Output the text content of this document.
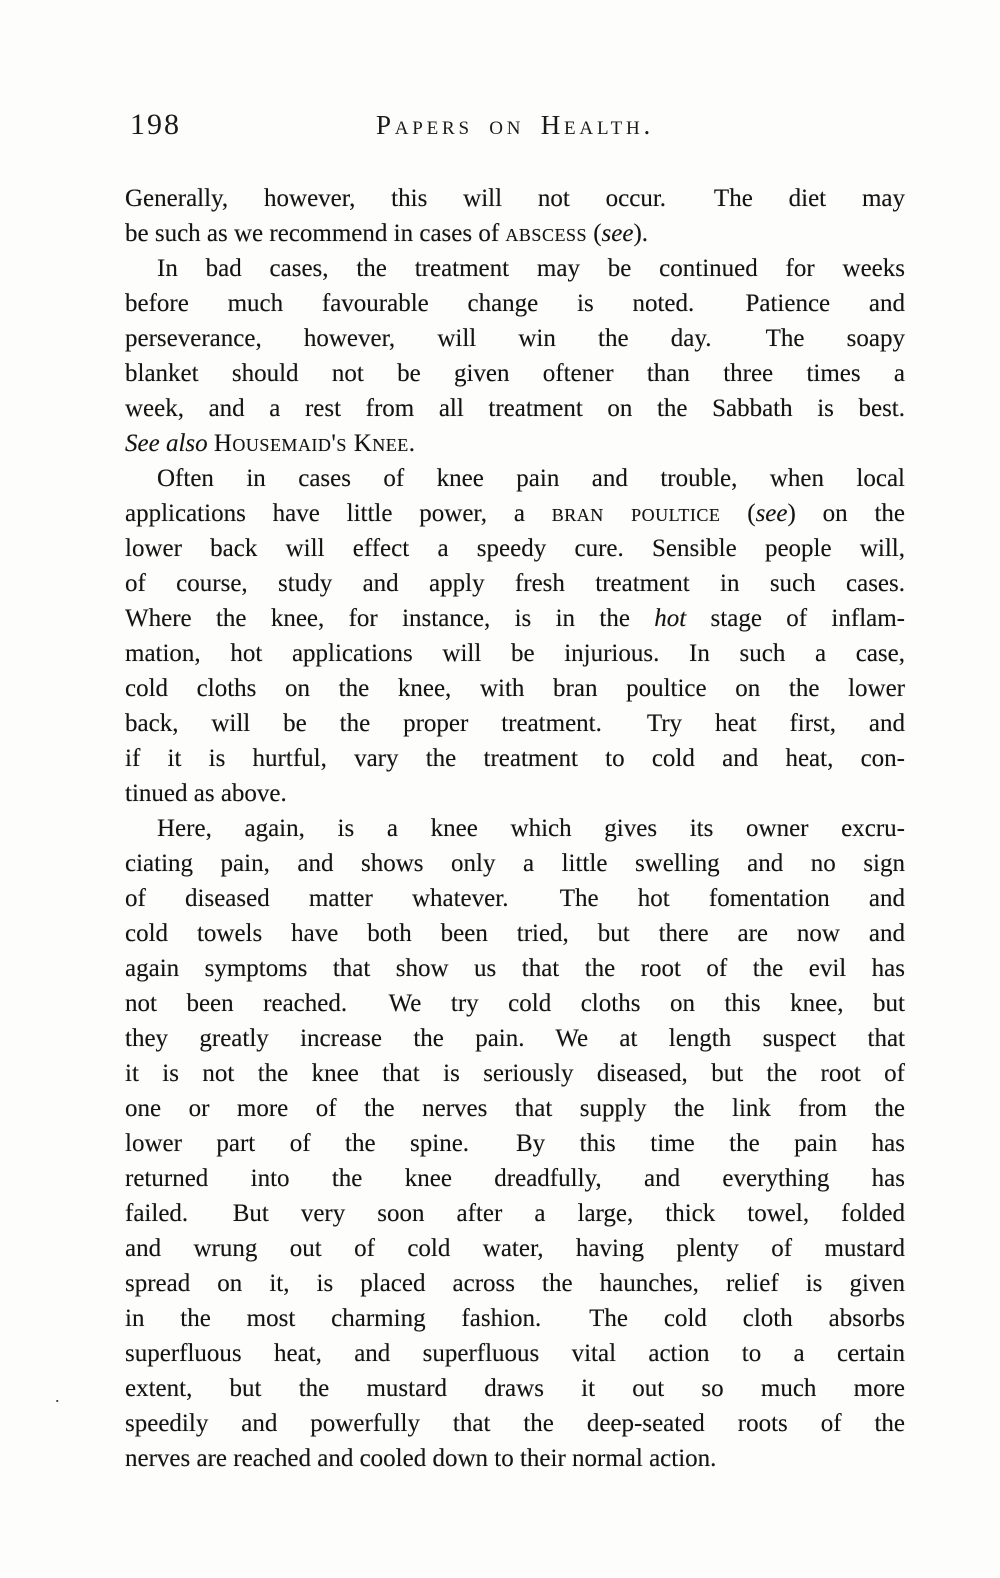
198	Papers on Health.
Generally, however, this will not occur.  The diet may
be such as we recommend in cases of abscess (see).
In bad cases, the treatment may be continued for weeks
before much favourable change is noted.  Patience and
perseverance, however, will win the day.  The soapy
blanket should not be given oftener than three times a
week, and a rest from all treatment on the Sabbath is best.
See also Housemaid's Knee.
Often in cases of knee pain and trouble, when local
applications have little power, a bran poultice (see) on the
lower back will effect a speedy cure. Sensible people will,
of course, study and apply fresh treatment in such cases.
Where the knee, for instance, is in the hot stage of inflam-
mation, hot applications will be injurious. In such a case,
cold cloths on the knee, with bran poultice on the lower
back, will be the proper treatment.  Try heat first, and
if it is hurtful, vary the treatment to cold and heat, con-
tinued as above.
Here, again, is a knee which gives its owner excru-
ciating pain, and shows only a little swelling and no sign
of diseased matter whatever.  The hot fomentation and
cold towels have both been tried, but there are now and
again symptoms that show us that the root of the evil has
not been reached.  We try cold cloths on this knee, but
they greatly increase the pain. We at length suspect that
it is not the knee that is seriously diseased, but the root of
one or more of the nerves that supply the link from the
lower part of the spine.  By this time the pain has
returned into the knee dreadfully, and everything has
failed.  But very soon after a large, thick towel, folded
and wrung out of cold water, having plenty of mustard
spread on it, is placed across the haunches, relief is given
in the most charming fashion.  The cold cloth absorbs
superfluous heat, and superfluous vital action to a certain
extent, but the mustard draws it out so much more
speedily and powerfully that the deep-seated roots of the
nerves are reached and cooled down to their normal action.
.
